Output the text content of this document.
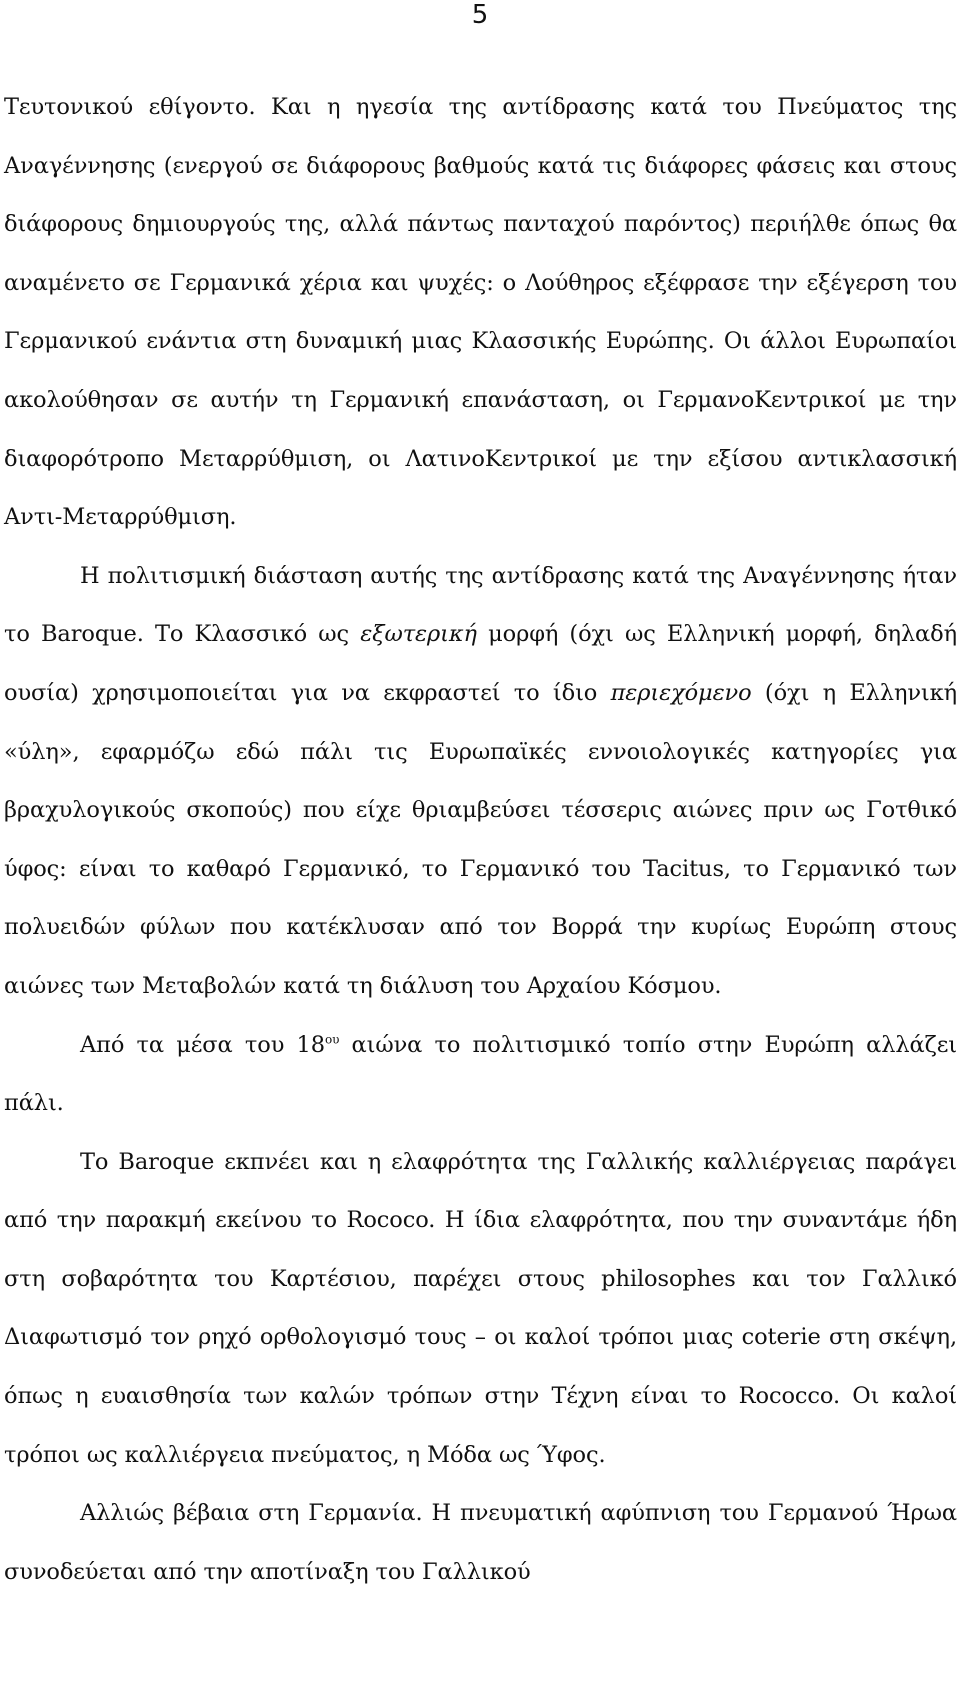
5

Τευτονικού εθίγοντο. Και η ηγεσία της αντίδρασης κατά του Πνεύματος της Αναγέννησης (ενεργού σε διάφορους βαθμούς κατά τις διάφορες φάσεις και στους διάφορους δημιουργούς της, αλλά πάντως πανταχού παρόντος) περιήλθε όπως θα αναμένετο σε Γερμανικά χέρια και ψυχές: ο Λούθηρος εξέφρασε την εξέγερση του Γερμανικού ενάντια στη δυναμική μιας Κλασσικής Ευρώπης. Οι άλλοι Ευρωπαίοι ακολούθησαν σε αυτήν τη Γερμανική επανάσταση, οι ΓερμανοΚεντρικοί με την διαφορότροπο Μεταρρύθμιση, οι ΛατινοΚεντρικοί με την εξίσου αντικλασσική Αντι-Μεταρρύθμιση.

Η πολιτισμική διάσταση αυτής της αντίδρασης κατά της Αναγέννησης ήταν το Baroque. Το Κλασσικό ως εξωτερική μορφή (όχι ως Ελληνική μορφή, δηλαδή ουσία) χρησιμοποιείται για να εκφραστεί το ίδιο περιεχόμενο (όχι η Ελληνική «ύλη», εφαρμόζω εδώ πάλι τις Ευρωπαϊκές εννοιολογικές κατηγορίες για βραχυλογικούς σκοπούς) που είχε θριαμβεύσει τέσσερις αιώνες πριν ως Γοτθικό ύφος: είναι το καθαρό Γερμανικό, το Γερμανικό του Tacitus, το Γερμανικό των πολυειδών φύλων που κατέκλυσαν από τον Βορρά την κυρίως Ευρώπη στους αιώνες των Μεταβολών κατά τη διάλυση του Αρχαίου Κόσμου.

Από τα μέσα του $18^{o\upsilon}$ αιώνα το πολιτισμικό τοπίο στην Ευρώπη αλλάζει πάλι.

Το Baroque εκπνέει και η ελαφρότητα της Γαλλικής καλλιέργειας παράγει από την παρακμή εκείνου το Rococo. Η ίδια ελαφρότητα, που την συναντάμε ήδη στη σοβαρότητα του Καρτέσιου, παρέχει στους philosophes και τον Γαλλικό Διαφωτισμό τον ρηχό ορθολογισμό τους – οι καλοί τρόποι μιας coterie στη σκέψη, όπως η ευαισθησία των καλών τρόπων στην Τέχνη είναι το Rococco. Οι καλοί τρόποι ως καλλιέργεια πνεύματος, η Μόδα ως Ύφος.

Αλλιώς βέβαια στη Γερμανία. Η πνευματική αφύπνιση του Γερμανού Ήρωα συνοδεύεται από την αποτίναξη του Γαλλικού
